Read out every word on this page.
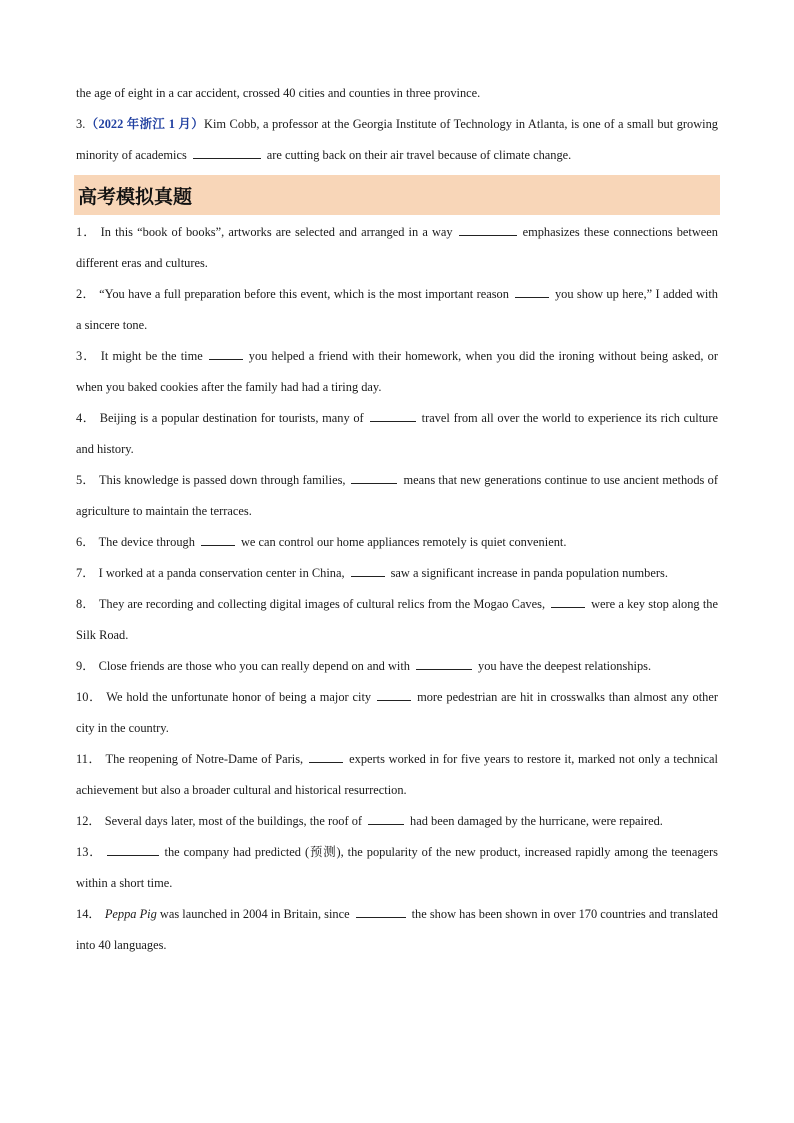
the age of eight in a car accident, crossed 40 cities and counties in three province.

3.（2022 年浙江 1 月）Kim Cobb, a professor at the Georgia Institute of Technology in Atlanta, is one of a small but growing minority of academics	are cutting back on their air travel because of climate change.

高考模拟真题

1． In this “book of books”, artworks are selected and arranged in a way	emphasizes these connections between different eras and cultures.

2． “You have a full preparation before this event, which is the most important reason	you show up here,” I added with a sincere tone.

3． It might be the time	you helped a friend with their homework, when you did the ironing without being asked, or when you baked cookies after the family had had a tiring day.

4． Beijing is a popular destination for tourists, many of	travel from all over the world to experience its rich culture and history.

5． This knowledge is passed down through families,	means that new generations continue to use ancient methods of agriculture to maintain the terraces.

6． The device through	we can control our home appliances remotely is quiet convenient.

7． I worked at a panda conservation center in China,	saw a significant increase in panda population numbers.

8． They are recording and collecting digital images of cultural relics from the Mogao Caves,	were a key stop along the Silk Road.

9． Close friends are those who you can really depend on and with	you have the deepest relationships.

10． We hold the unfortunate honor of being a major city	more pedestrian are hit in crosswalks than almost any other city in the country.

11． The reopening of Notre-Dame of Paris,	experts worked in for five years to restore it, marked not only a technical achievement but also a broader cultural and historical resurrection.

12． Several days later, most of the buildings, the roof of	had been damaged by the hurricane, were repaired.

13．	the company had predicted (预测), the popularity of the new product, increased rapidly among the teenagers within a short time.

14． Peppa Pig was launched in 2004 in Britain, since	the show has been shown in over 170 countries and translated into 40 languages.
